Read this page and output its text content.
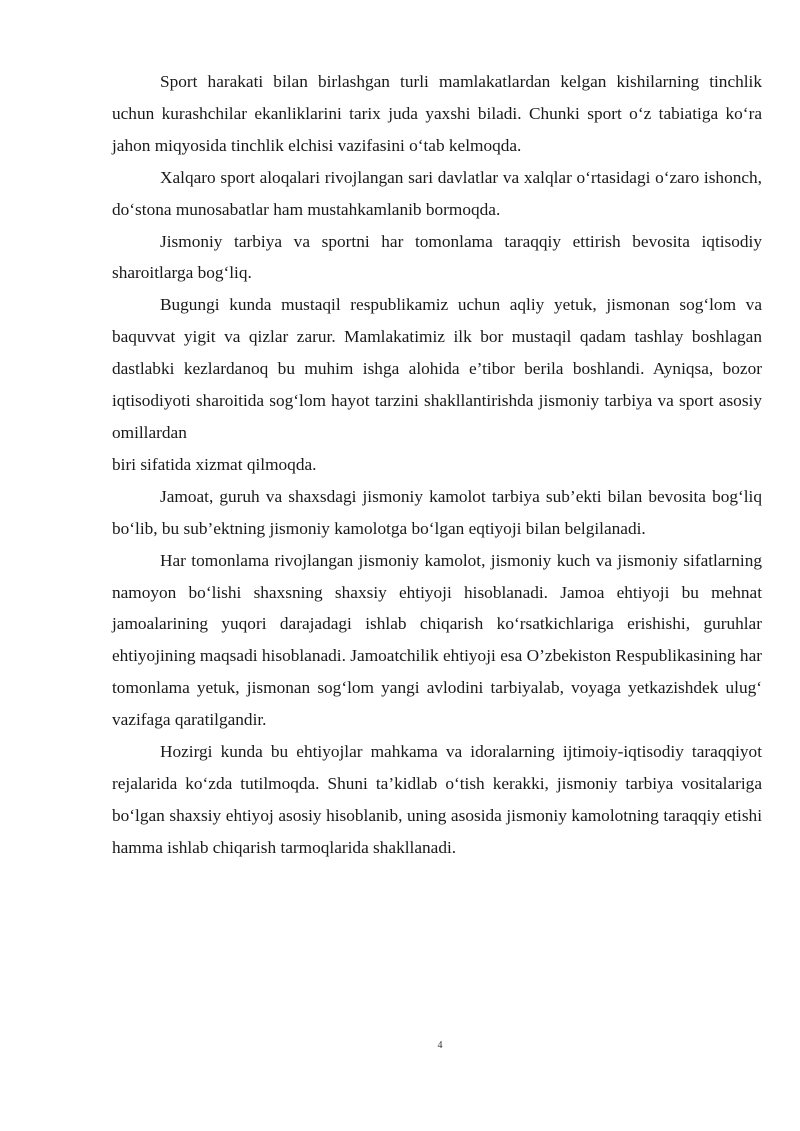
Sport harakati bilan birlashgan turli mamlakatlardan kelgan kishilarning tinchlik uchun kurashchilar ekanliklarini tarix juda yaxshi biladi. Chunki sport o‘z tabiatiga ko‘ra jahon miqyosida tinchlik elchisi vazifasini o‘tab kelmoqda.

Xalqaro sport aloqalari rivojlangan sari davlatlar va xalqlar o‘rtasidagi o‘zaro ishonch, do‘stona munosabatlar ham mustahkamlanib bormoqda.

Jismoniy tarbiya va sportni har tomonlama taraqqiy ettirish bevosita iqtisodiy sharoitlarga bog‘liq.

Bugungi kunda mustaqil respublikamiz uchun aqliy yetuk, jismonan sog‘lom va baquvvat yigit va qizlar zarur. Mamlakatimiz ilk bor mustaqil qadam tashlay boshlagan dastlabki kezlardanoq bu muhim ishga alohida e’tibor berila boshlandi. Ayniqsa, bozor iqtisodiyoti sharoitida sog‘lom hayot tarzini shakllantirishda jismoniy tarbiya va sport asosiy omillardan

biri sifatida xizmat qilmoqda.

Jamoat, guruh va shaxsdagi jismoniy kamolot tarbiya sub’ekti bilan bevosita bog‘liq bo‘lib, bu sub’ektning jismoniy kamolotga bo‘lgan eqtiyoji bilan belgilanadi.

Har tomonlama rivojlangan jismoniy kamolot, jismoniy kuch va jismoniy sifatlarning namoyon bo‘lishi shaxsning shaxsiy ehtiyoji hisoblanadi. Jamoa ehtiyoji bu mehnat jamoalarining yuqori darajadagi ishlab chiqarish ko‘rsatkichlariga erishishi, guruhlar ehtiyojining maqsadi hisoblanadi. Jamoatchilik ehtiyoji esa O’zbekiston Respublikasining har tomonlama yetuk, jismonan sog‘lom yangi avlodini tarbiyalab, voyaga yetkazishdek ulug‘ vazifaga qaratilgandir.

Hozirgi kunda bu ehtiyojlar mahkama va idoralarning ijtimoiy-iqtisodiy taraqqiyot rejalarida ko‘zda tutilmoqda. Shuni ta’kidlab o‘tish kerakki, jismoniy tarbiya vositalariga bo‘lgan shaxsiy ehtiyoj asosiy hisoblanib, uning asosida jismoniy kamolotning taraqqiy etishi hamma ishlab chiqarish tarmoqlarida shakllanadi.

4
